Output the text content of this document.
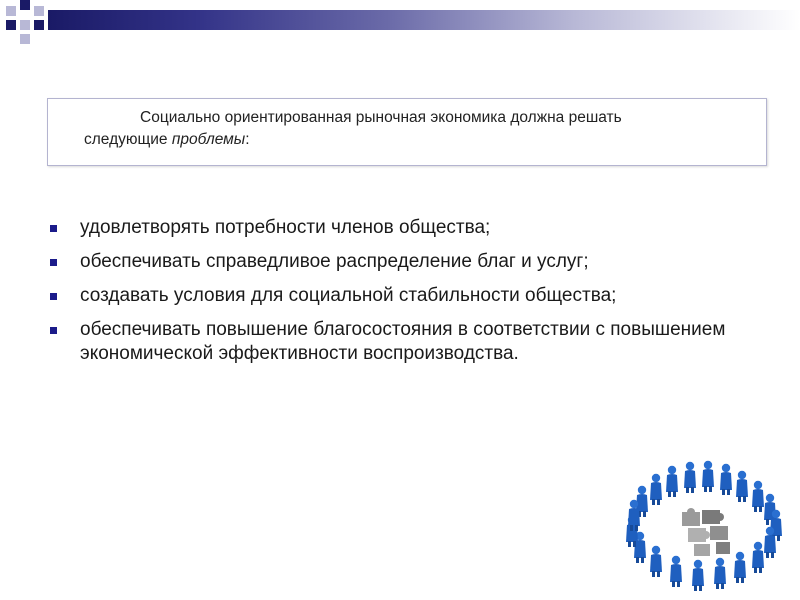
Социально ориентированная рыночная экономика должна решать
следующие проблемы:
удовлетворять потребности членов общества;
обеспечивать справедливое распределение благ и услуг;
создавать условия для социальной стабильности общества;
обеспечивать повышение благосостояния в соответствии с повышением экономической эффективности воспроизводства.
